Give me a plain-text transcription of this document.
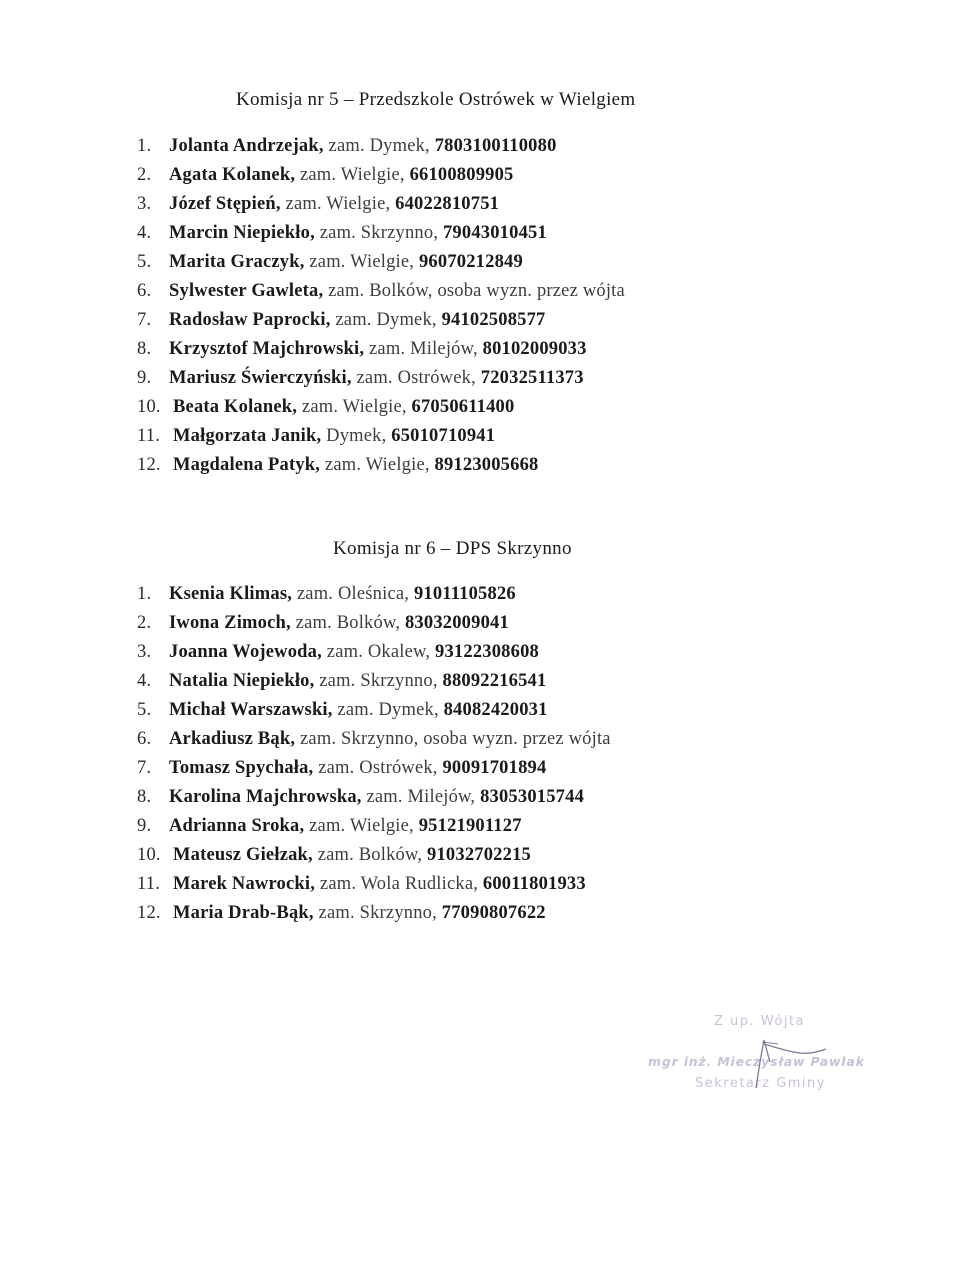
Komisja nr 5 – Przedszkole Ostrówek w Wielgiem
1. Jolanta Andrzejak, zam. Dymek, 7803100110080
2. Agata Kolanek, zam. Wielgie, 66100809905
3. Józef Stępień, zam. Wielgie, 64022810751
4. Marcin Niepiekło, zam. Skrzynno, 79043010451
5. Marita Graczyk, zam. Wielgie, 96070212849
6. Sylwester Gawleta, zam. Bolków, osoba wyzn. przez wójta
7. Radosław Paprocki, zam. Dymek, 94102508577
8. Krzysztof Majchrowski, zam. Milejów, 80102009033
9. Mariusz Świerczyński, zam. Ostrówek, 72032511373
10. Beata Kolanek, zam. Wielgie, 67050611400
11. Małgorzata Janik, Dymek, 65010710941
12. Magdalena Patyk, zam. Wielgie, 89123005668
Komisja nr 6 – DPS Skrzynno
1. Ksenia Klimas, zam. Oleśnica, 91011105826
2. Iwona Zimoch, zam. Bolków, 83032009041
3. Joanna Wojewoda, zam. Okalew, 93122308608
4. Natalia Niepiekło, zam. Skrzynno, 88092216541
5. Michał Warszawski, zam. Dymek, 84082420031
6. Arkadiusz Bąk, zam. Skrzynno, osoba wyzn. przez wójta
7. Tomasz Spychała, zam. Ostrówek, 90091701894
8. Karolina Majchrowska, zam. Milejów, 83053015744
9. Adrianna Sroka, zam. Wielgie, 95121901127
10. Mateusz Giełzak, zam. Bolków, 91032702215
11. Marek Nawrocki, zam. Wola Rudlicka, 60011801933
12. Maria Drab-Bąk, zam. Skrzynno, 77090807622
Z up. Wójta
mgr inż. Mieczysław Pawlak
Sekretarz Gminy
